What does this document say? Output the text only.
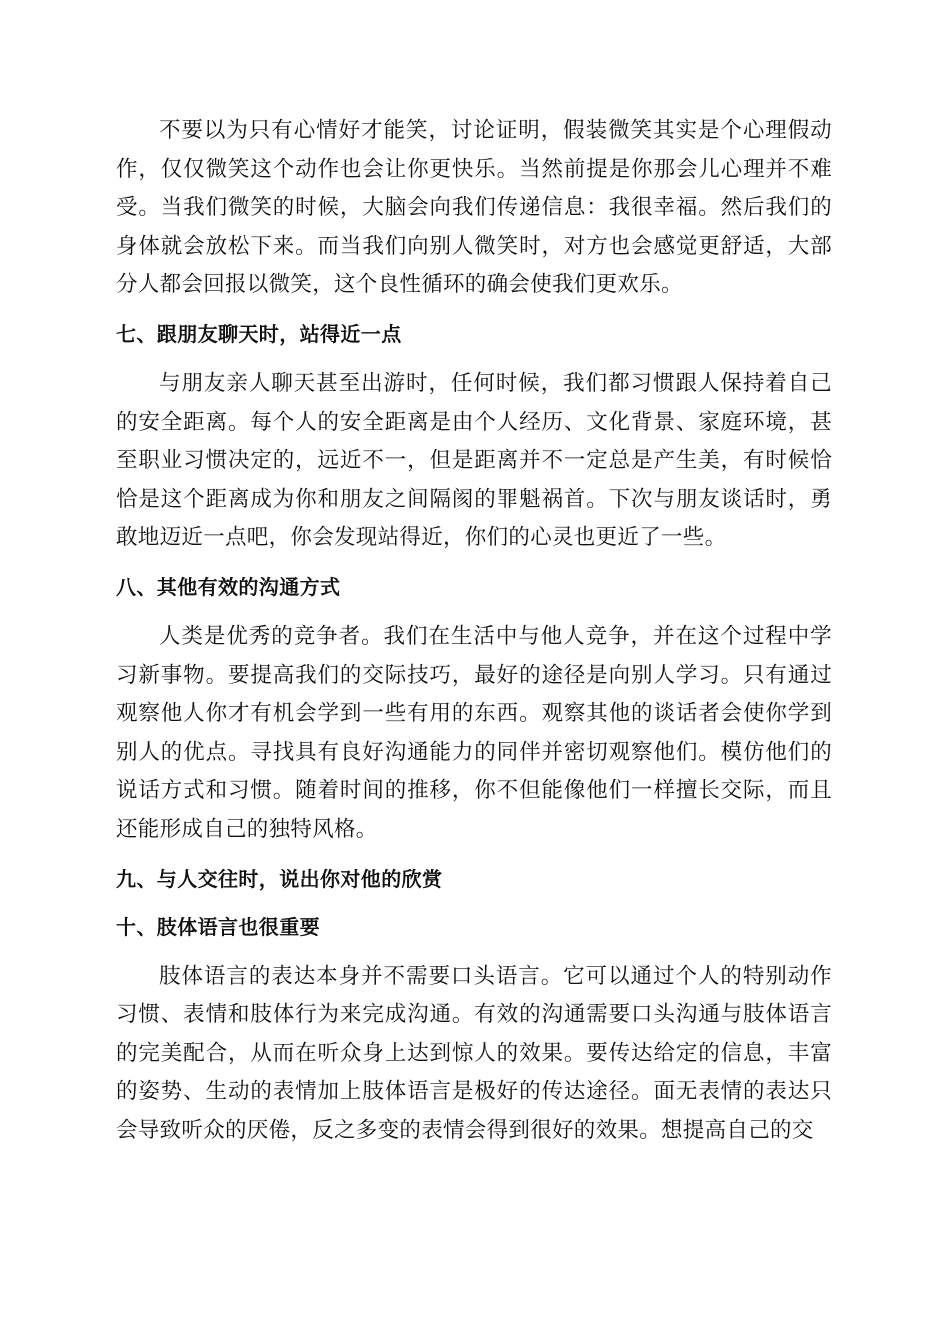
不要以为只有心情好才能笑，讨论证明，假装微笑其实是个心理假动作，仅仅微笑这个动作也会让你更快乐。当然前提是你那会儿心理并不难受。当我们微笑的时候，大脑会向我们传递信息：我很幸福。然后我们的身体就会放松下来。而当我们向别人微笑时，对方也会感觉更舒适，大部分人都会回报以微笑，这个良性循环的确会使我们更欢乐。

七、跟朋友聊天时，站得近一点

与朋友亲人聊天甚至出游时，任何时候，我们都习惯跟人保持着自己的安全距离。每个人的安全距离是由个人经历、文化背景、家庭环境，甚至职业习惯决定的，远近不一，但是距离并不一定总是产生美，有时候恰恰是这个距离成为你和朋友之间隔阂的罪魁祸首。下次与朋友谈话时，勇敢地迈近一点吧，你会发现站得近，你们的心灵也更近了一些。

八、其他有效的沟通方式

人类是优秀的竞争者。我们在生活中与他人竞争，并在这个过程中学习新事物。要提高我们的交际技巧，最好的途径是向别人学习。只有通过观察他人你才有机会学到一些有用的东西。观察其他的谈话者会使你学到别人的优点。寻找具有良好沟通能力的同伴并密切观察他们。模仿他们的说话方式和习惯。随着时间的推移，你不但能像他们一样擅长交际，而且还能形成自己的独特风格。

九、与人交往时，说出你对他的欣赏
十、肢体语言也很重要

肢体语言的表达本身并不需要口头语言。它可以通过个人的特别动作习惯、表情和肢体行为来完成沟通。有效的沟通需要口头沟通与肢体语言的完美配合，从而在听众身上达到惊人的效果。要传达给定的信息，丰富的姿势、生动的表情加上肢体语言是极好的传达途径。面无表情的表达只会导致听众的厌倦，反之多变的表情会得到很好的效果。想提高自己的交
